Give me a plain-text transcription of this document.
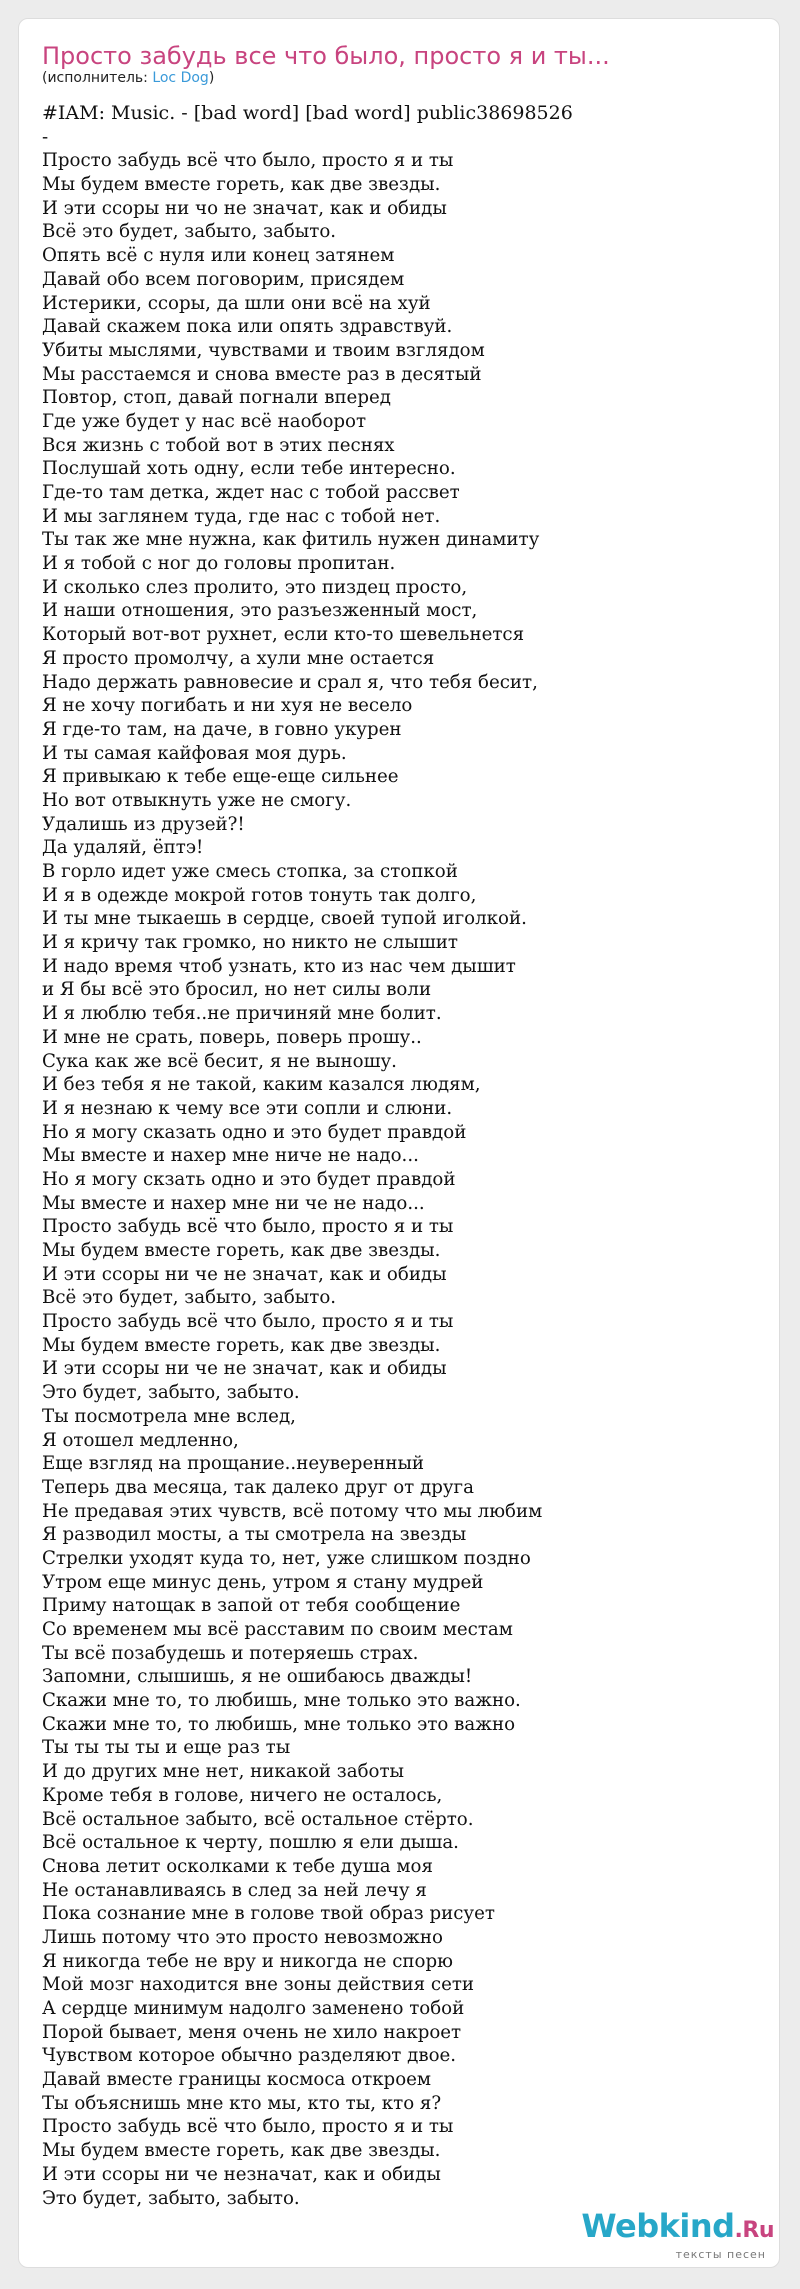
Просто забудь все что было, просто я и ты...
(исполнитель: Loc Dog)
#IAM: Music. - [bad word] [bad word] public38698526
-
Просто забудь всё что было, просто я и ты
Мы будем вместе гореть, как две звезды.
И эти ссоры ни чо не значат, как и обиды
Всё это будет, забыто, забыто.
Опять всё с нуля или конец затянем
Давай обо всем поговорим, присядем
Истерики, ссоры, да шли они всё на хуй
Давай скажем пока или опять здравствуй.
Убиты мыслями, чувствами и твоим взглядом
Мы расстаемся и снова вместе раз в десятый
Повтор, стоп, давай погнали вперед
Где уже будет у нас всё наоборот
Вся жизнь с тобой вот в этих песнях
Послушай хоть одну, если тебе интересно.
Где-то там детка, ждет нас с тобой рассвет
И мы заглянем туда, где нас с тобой нет.
Ты так же мне нужна, как фитиль нужен динамиту
И я тобой с ног до головы пропитан.
И сколько слез пролито, это пиздец просто,
И наши отношения, это разъезженный мост,
Который вот-вот рухнет, если кто-то шевельнется
Я просто промолчу, а хули мне остается
Надо держать равновесие и срал я, что тебя бесит,
Я не хочу погибать и ни хуя не весело
Я где-то там, на даче, в говно укурен
И ты самая кайфовая моя дурь.
Я привыкаю к тебе еще-еще сильнее
Но вот отвыкнуть уже не смогу.
Удалишь из друзей?!
Да удаляй, ёптэ!
В горло идет уже смесь стопка, за стопкой
И я в одежде мокрой готов тонуть так долго,
И ты мне тыкаешь в сердце, своей тупой иголкой.
И я кричу так громко, но никто не слышит
И надо время чтоб узнать, кто из нас чем дышит
и Я бы всё это бросил, но нет силы воли
И я люблю тебя..не причиняй мне болит.
И мне не срать, поверь, поверь прошу..
Сука как же всё бесит, я не выношу.
И без тебя я не такой, каким казался людям,
И я незнаю к чему все эти сопли и слюни.
Но я могу сказать одно и это будет правдой
Мы вместе и нахер мне ниче не надо...
Но я могу скзать одно и это будет правдой
Мы вместе и нахер мне ни че не надо...
Просто забудь всё что было, просто я и ты
Мы будем вместе гореть, как две звезды.
И эти ссоры ни че не значат, как и обиды
Всё это будет, забыто, забыто.
Просто забудь всё что было, просто я и ты
Мы будем вместе гореть, как две звезды.
И эти ссоры ни че не значат, как и обиды
Это будет, забыто, забыто.
Ты посмотрела мне вслед,
Я отошел медленно,
Еще взгляд на прощание..неуверенный
Теперь два месяца, так далеко друг от друга
Не предавая этих чувств, всё потому что мы любим
Я разводил мосты, а ты смотрела на звезды
Стрелки уходят куда то, нет, уже слишком поздно
Утром еще минус день, утром я стану мудрей
Приму натощак в запой от тебя сообщение
Со временем мы всё расставим по своим местам
Ты всё позабудешь и потеряешь страх.
Запомни, слышишь, я не ошибаюсь дважды!
Скажи мне то, то любишь, мне только это важно.
Скажи мне то, то любишь, мне только это важно
Ты ты ты ты и еще раз ты
И до других мне нет, никакой заботы
Кроме тебя в голове, ничего не осталось,
Всё остальное забыто, всё остальное стёрто.
Всё остальное к черту, пошлю я ели дыша.
Снова летит осколками к тебе душа моя
Не останавливаясь в след за ней лечу я
Пока сознание мне в голове твой образ рисует
Лишь потому что это просто невозможно
Я никогда тебе не вру и никогда не спорю
Мой мозг находится вне зоны действия сети
А сердце минимум надолго заменено тобой
Порой бывает, меня очень не хило накроет
Чувством которое обычно разделяют двое.
Давай вместе границы космоса откроем
Ты объяснишь мне кто мы, кто ты, кто я?
Просто забудь всё что было, просто я и ты
Мы будем вместе гореть, как две звезды.
И эти ссоры ни че незначат, как и обиды
Это будет, забыто, забыто.
Webkind.Ru
тексты песен
